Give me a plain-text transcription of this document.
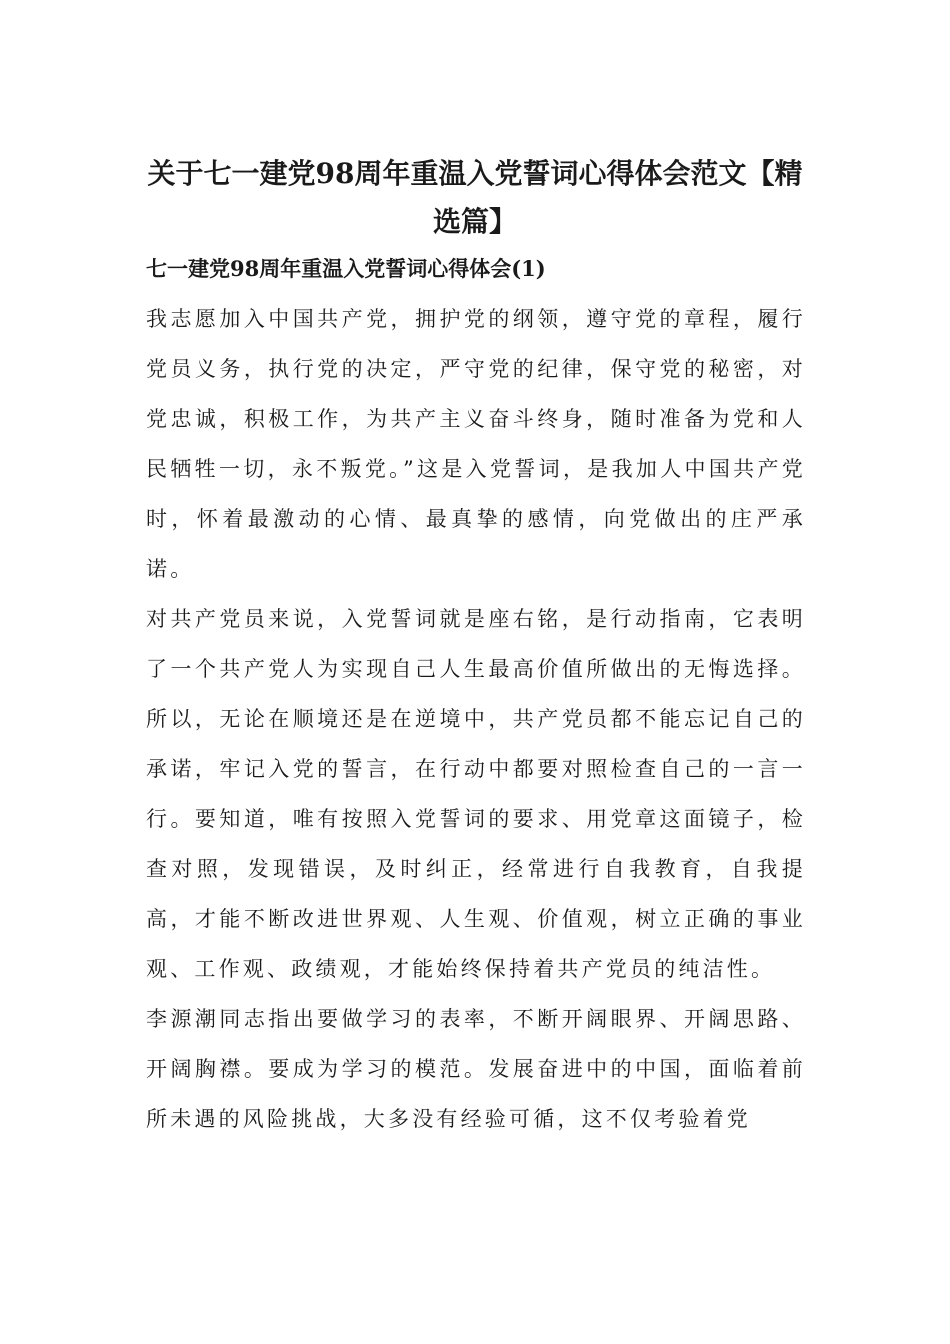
关于七一建党98周年重温入党誓词心得体会范文【精选篇】
七一建党98周年重温入党誓词心得体会(1)

我志愿加入中国共产党，拥护党的纲领，遵守党的章程，履行党员义务，执行党的决定，严守党的纪律，保守党的秘密，对党忠诚，积极工作，为共产主义奋斗终身，随时准备为党和人民牺牲一切，永不叛党。”这是入党誓词，是我加人中国共产党时，怀着最激动的心情、最真挚的感情，向党做出的庄严承诺。

对共产党员来说，入党誓词就是座右铭，是行动指南，它表明了一个共产党人为实现自己人生最高价值所做出的无悔选择。所以，无论在顺境还是在逆境中，共产党员都不能忘记自己的承诺，牢记入党的誓言，在行动中都要对照检查自己的一言一行。要知道，唯有按照入党誓词的要求、用党章这面镜子，检查对照，发现错误，及时纠正，经常进行自我教育，自我提高，才能不断改进世界观、人生观、价值观，树立正确的事业观、工作观、政绩观，才能始终保持着共产党员的纯洁性。

李源潮同志指出要做学习的表率，不断开阔眼界、开阔思路、开阔胸襟。要成为学习的模范。发展奋进中的中国，面临着前所未遇的风险挑战，大多没有经验可循，这不仅考验着党
